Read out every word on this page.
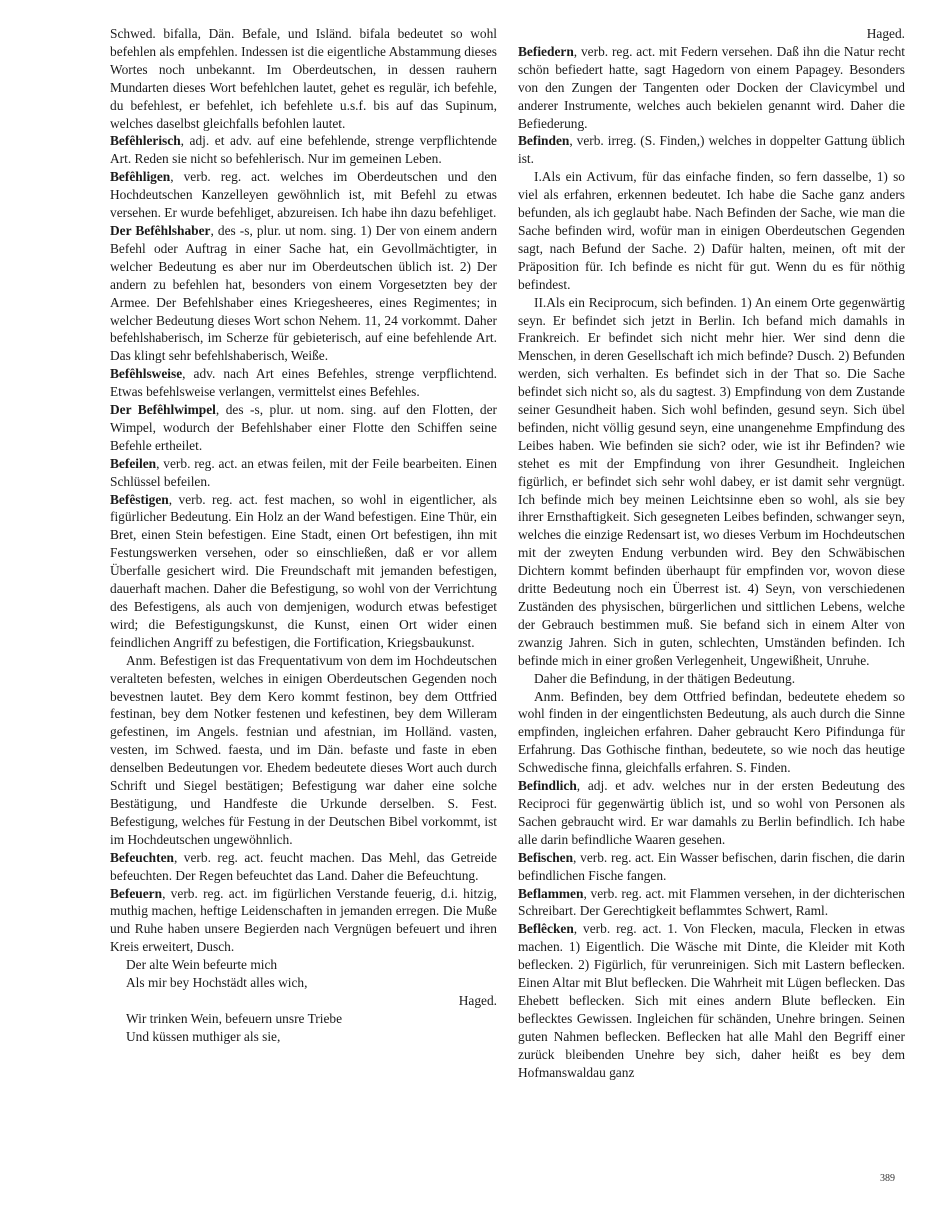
Schwed. bifalla, Dän. Befale, und Isländ. bifala bedeutet so wohl befehlen als empfehlen. Indessen ist die eigentliche Abstammung dieses Wortes noch unbekannt. Im Oberdeutschen, in dessen rauhern Mundarten dieses Wort befehlchen lautet, gehet es regulär, ich befehle, du befehlest, er befehlet, ich befehlete u.s.f. bis auf das Supinum, welches daselbst gleichfalls befohlen lautet.

Befêhlerisch, adj. et adv. auf eine befehlende, strenge verpflichtende Art. Reden sie nicht so befehlerisch. Nur im gemeinen Leben.

Befêhligen, verb. reg. act. welches im Oberdeutschen und den Hochdeutschen Kanzelleyen gewöhnlich ist, mit Befehl zu etwas versehen. Er wurde befehliget, abzureisen. Ich habe ihn dazu befehliget.

Der Befêhlshaber, des -s, plur. ut nom. sing. 1) Der von einem andern Befehl oder Auftrag in einer Sache hat, ein Gevollmächtigter, in welcher Bedeutung es aber nur im Oberdeutschen üblich ist. 2) Der andern zu befehlen hat, besonders von einem Vorgesetzten bey der Armee. Der Befehlshaber eines Kriegesheeres, eines Regimentes; in welcher Bedeutung dieses Wort schon Nehem. 11, 24 vorkommt. Daher befehlshaberisch, im Scherze für gebieterisch, auf eine befehlende Art. Das klingt sehr befehlshaberisch, Weiße.

Befêhlsweise, adv. nach Art eines Befehles, strenge verpflichtend. Etwas befehlsweise verlangen, vermittelst eines Befehles.

Der Befêhlwimpel, des -s, plur. ut nom. sing. auf den Flotten, der Wimpel, wodurch der Befehlshaber einer Flotte den Schiffen seine Befehle ertheilet.

Befeilen, verb. reg. act. an etwas feilen, mit der Feile bearbeiten. Einen Schlüssel befeilen.

Befêstigen, verb. reg. act. fest machen, so wohl in eigentlicher, als figürlicher Bedeutung. Ein Holz an der Wand befestigen. Eine Thür, ein Bret, einen Stein befestigen. Eine Stadt, einen Ort befestigen, ihn mit Festungswerken versehen, oder so einschließen, daß er vor allem Überfalle gesichert wird. Die Freundschaft mit jemanden befestigen, dauerhaft machen. Daher die Befestigung, so wohl von der Verrichtung des Befestigens, als auch von demjenigen, wodurch etwas befestiget wird; die Befestigungskunst, die Kunst, einen Ort wider einen feindlichen Angriff zu befestigen, die Fortification, Kriegsbaukunst.

Anm. Befestigen ist das Frequentativum von dem im Hochdeutschen veralteten befesten, welches in einigen Oberdeutschen Gegenden noch bevestnen lautet. Bey dem Kero kommt festinon, bey dem Ottfried festinan, bey dem Notker festenen und kefestinen, bey dem Willeram gefestinen, im Angels. festnian und afestnian, im Holländ. vasten, vesten, im Schwed. faesta, und im Dän. befaste und faste in eben denselben Bedeutungen vor. Ehedem bedeutete dieses Wort auch durch Schrift und Siegel bestätigen; Befestigung war daher eine solche Bestätigung, und Handfeste die Urkunde derselben. S. Fest. Befestigung, welches für Festung in der Deutschen Bibel vorkommt, ist im Hochdeutschen ungewöhnlich.

Befeuchten, verb. reg. act. feucht machen. Das Mehl, das Getreide befeuchten. Der Regen befeuchtet das Land. Daher die Befeuchtung.

Befeuern, verb. reg. act. im figürlichen Verstande feuerig, d.i. hitzig, muthig machen, heftige Leidenschaften in jemanden erregen. Die Muße und Ruhe haben unsere Begierden nach Vergnügen befeuert und ihren Kreis erweitert, Dusch.

Der alte Wein befeurte mich

Als mir bey Hochstädt alles wich,

Haged.

Wir trinken Wein, befeuern unsre Triebe

Und küssen muthiger als sie,

Haged.

Befiedern, verb. reg. act. mit Federn versehen. Daß ihn die Natur recht schön befiedert hatte, sagt Hagedorn von einem Papagey. Besonders von den Zungen der Tangenten oder Docken der Clavicymbel und anderer Instrumente, welches auch bekielen genannt wird. Daher die Befiederung.

Befinden, verb. irreg. (S. Finden,) welches in doppelter Gattung üblich ist.

I.Als ein Activum, für das einfache finden, so fern dasselbe, 1) so viel als erfahren, erkennen bedeutet. Ich habe die Sache ganz anders befunden, als ich geglaubt habe. Nach Befinden der Sache, wie man die Sache befinden wird, wofür man in einigen Oberdeutschen Gegenden sagt, nach Befund der Sache. 2) Dafür halten, meinen, oft mit der Präposition für. Ich befinde es nicht für gut. Wenn du es für nöthig befindest.

II.Als ein Reciprocum, sich befinden. 1) An einem Orte gegenwärtig seyn. Er befindet sich jetzt in Berlin. Ich befand mich damahls in Frankreich. Er befindet sich nicht mehr hier. Wer sind denn die Menschen, in deren Gesellschaft ich mich befinde? Dusch. 2) Befunden werden, sich verhalten. Es befindet sich in der That so. Die Sache befindet sich nicht so, als du sagtest. 3) Empfindung von dem Zustande seiner Gesundheit haben. Sich wohl befinden, gesund seyn. Sich übel befinden, nicht völlig gesund seyn, eine unangenehme Empfindung des Leibes haben. Wie befinden sie sich? oder, wie ist ihr Befinden? wie stehet es mit der Empfindung von ihrer Gesundheit. Ingleichen figürlich, er befindet sich sehr wohl dabey, er ist damit sehr vergnügt. Ich befinde mich bey meinen Leichtsinne eben so wohl, als sie bey ihrer Ernsthaftigkeit. Sich gesegneten Leibes befinden, schwanger seyn, welches die einzige Redensart ist, wo dieses Verbum im Hochdeutschen mit der zweyten Endung verbunden wird. Bey den Schwäbischen Dichtern kommt befinden überhaupt für empfinden vor, wovon diese dritte Bedeutung noch ein Überrest ist. 4) Seyn, von verschiedenen Zuständen des physischen, bürgerlichen und sittlichen Lebens, welche der Gebrauch bestimmen muß. Sie befand sich in einem Alter von zwanzig Jahren. Sich in guten, schlechten, Umständen befinden. Ich befinde mich in einer großen Verlegenheit, Ungewißheit, Unruhe.

Daher die Befindung, in der thätigen Bedeutung.

Anm. Befinden, bey dem Ottfried befindan, bedeutete ehedem so wohl finden in der eingentlichsten Bedeutung, als auch durch die Sinne empfinden, ingleichen erfahren. Daher gebraucht Kero Pifindunga für Erfahrung. Das Gothische finthan, bedeutete, so wie noch das heutige Schwedische finna, gleichfalls erfahren. S. Finden.

Befindlich, adj. et adv. welches nur in der ersten Bedeutung des Reciproci für gegenwärtig üblich ist, und so wohl von Personen als Sachen gebraucht wird. Er war damahls zu Berlin befindlich. Ich habe alle darin befindliche Waaren gesehen.

Befischen, verb. reg. act. Ein Wasser befischen, darin fischen, die darin befindlichen Fische fangen.

Beflammen, verb. reg. act. mit Flammen versehen, in der dichterischen Schreibart. Der Gerechtigkeit beflammtes Schwert, Raml.

Beflêcken, verb. reg. act. 1. Von Flecken, macula, Flecken in etwas machen. 1) Eigentlich. Die Wäsche mit Dinte, die Kleider mit Koth beflecken. 2) Figürlich, für verunreinigen. Sich mit Lastern beflecken. Einen Altar mit Blut beflecken. Die Wahrheit mit Lügen beflecken. Das Ehebett beflecken. Sich mit eines andern Blute beflecken. Ein beflecktes Gewissen. Ingleichen für schänden, Unehre bringen. Seinen guten Nahmen beflecken. Beflecken hat alle Mahl den Begriff einer zurück bleibenden Unehre bey sich, daher heißt es bey dem Hofmanswaldau ganz

389
